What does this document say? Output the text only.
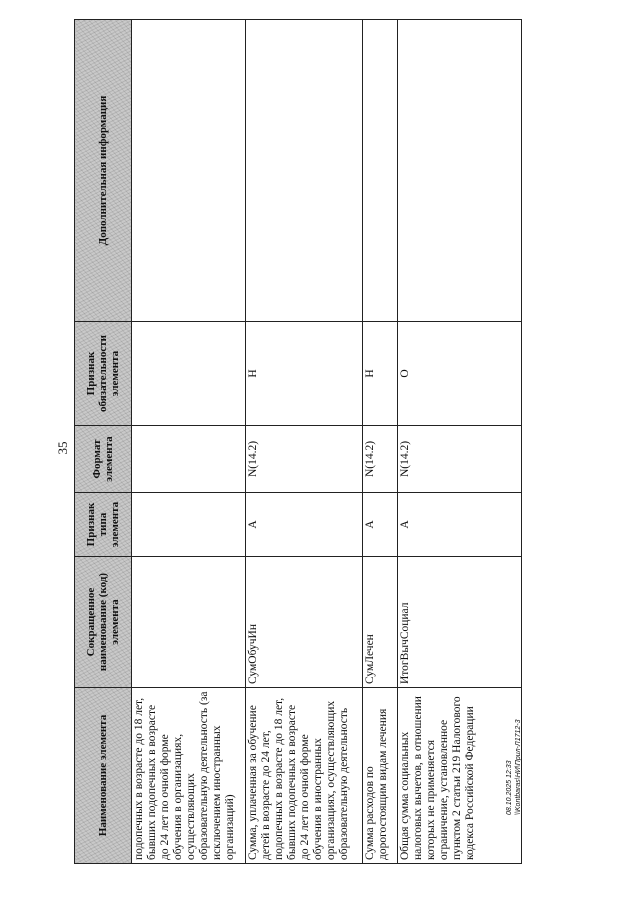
35
08.10.2025 12:33 \\Kontbaras\НИ\Прил-Л1712-3
Наименование элемента	Сокращенное наименование (код) элемента	Признак типа элемента	Формат элемента	Признак обязательности элемента	Дополнительная информация
подопечных в возрасте до 18 лет, бывших подопечных в возрасте до 24 лет по очной форме обучения в организациях, осуществляющих образовательную деятельность (за исключением иностранных организаций)					
Сумма, уплаченная за обучение детей в возрасте до 24 лет, подопечных в возрасте до 18 лет, бывших подопечных в возрасте до 24 лет по очной форме обучения в иностранных организациях, осуществляющих образовательную деятельность	СумОбучИн	А	N(14.2)	Н	
Сумма расходов по дорогостоящим видам лечения	СумЛечен	А	N(14.2)	Н	
Общая сумма социальных налоговых вычетов, в отношении которых не применяется ограничение, установленное пунктом 2 статьи 219 Налогового кодекса Российской Федерации	ИтогВычСоциал	А	N(14.2)	О	
